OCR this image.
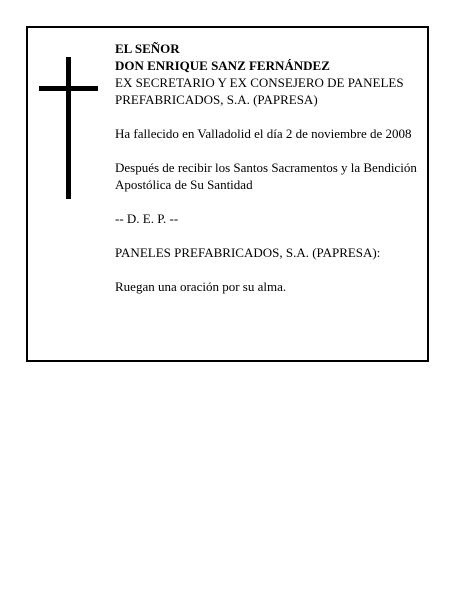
EL SEÑOR

DON ENRIQUE SANZ FERNÁNDEZ

EX SECRETARIO Y EX CONSEJERO DE PANELES PREFABRICADOS, S.A. (PAPRESA)

Ha fallecido en Valladolid el día 2 de noviembre de 2008

Después de recibir los Santos Sacramentos y la Bendición Apostólica de Su Santidad

-- D. E. P. --

PANELES PREFABRICADOS, S.A. (PAPRESA):

Ruegan una oración por su alma.
